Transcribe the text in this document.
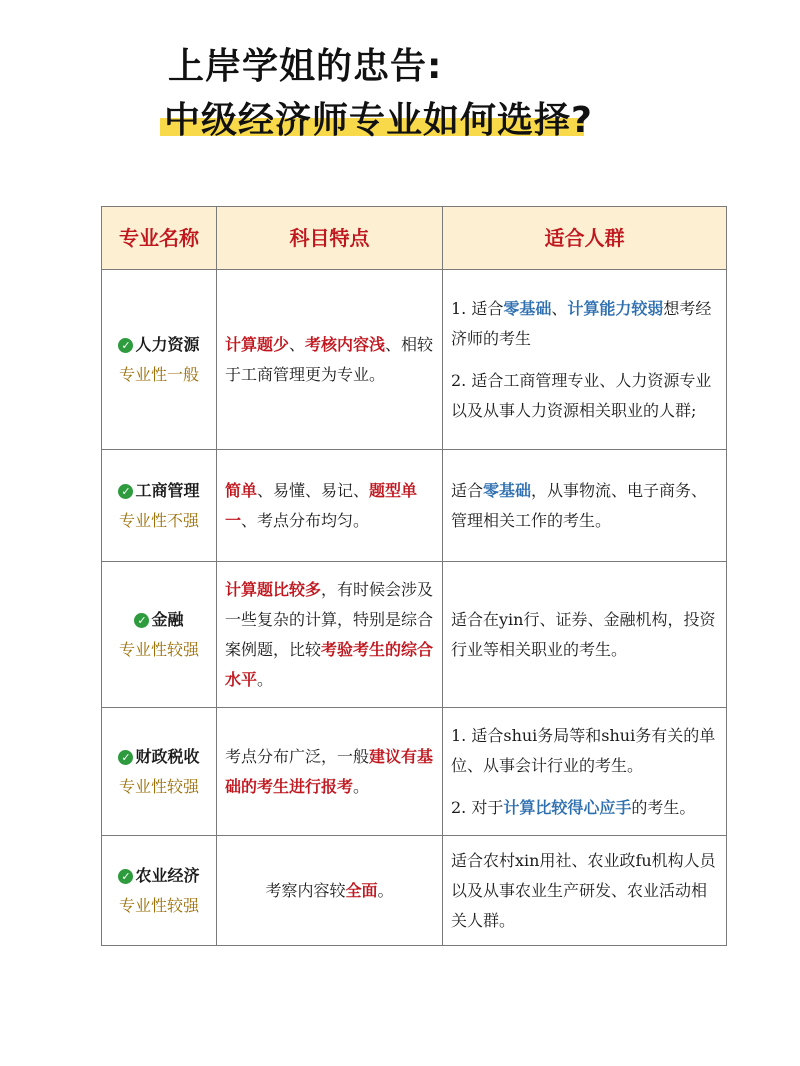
上岸学姐的忠告:
中级经济师专业如何选择?
专业名称	科目特点	适合人群

✓ 人力资源
专业性一般	计算题少、考核内容浅、相较于工商管理更为专业。	1. 适合零基础、计算能力较弱想考经济师的考生
2. 适合工商管理专业、人力资源专业以及从事人力资源相关职业的人群;

✓ 工商管理
专业性不强	简单、易懂、易记、题型单一、考点分布均匀。	适合零基础，从事物流、电子商务、管理相关工作的考生。

✓ 金融
专业性较强	计算题比较多，有时候会涉及一些复杂的计算，特别是综合案例题，比较考验考生的综合水平。	适合在yin行、证券、金融机构，投资行业等相关职业的考生。

✓ 财政税收
专业性较强	考点分布广泛，一般建议有基础的考生进行报考。	1. 适合shui务局等和shui务有关的单位、从事会计行业的考生。
2. 对于计算比较得心应手的考生。

✓ 农业经济
专业性较强	考察内容较全面。	适合农村xin用社、农业政fu机构人员以及从事农业生产研发、农业活动相关人群。
